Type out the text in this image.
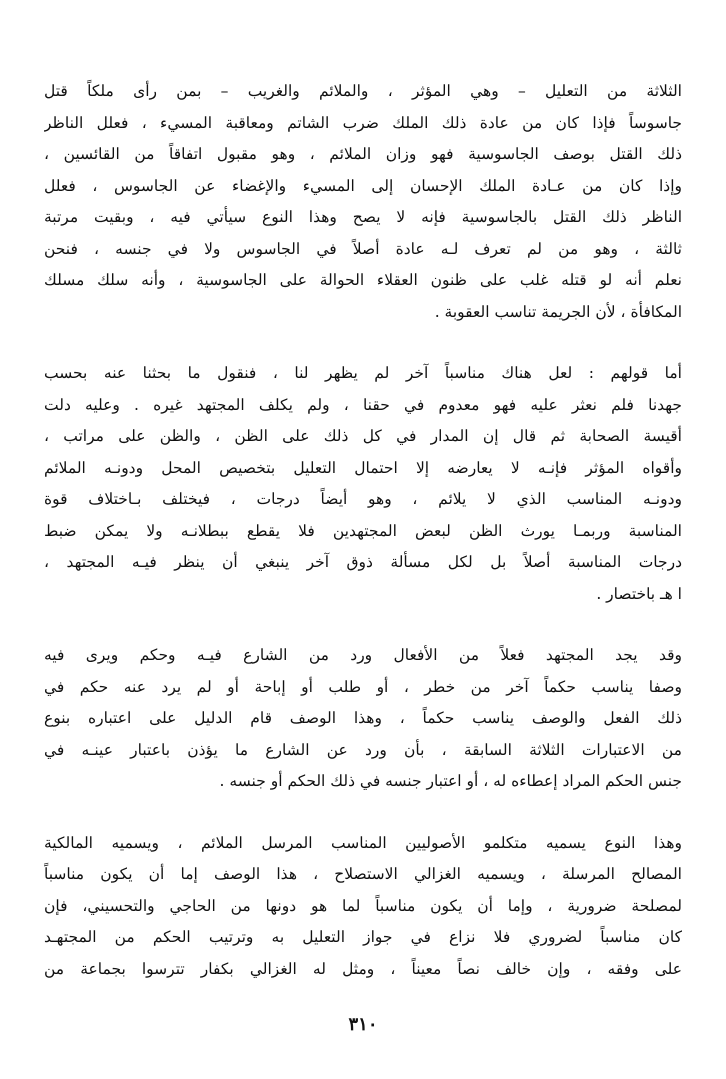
الثلاثة من التعليل – وهي المؤثر ، والملائم والغريب – بمن رأى ملكاً قتل
جاسوساً فإذا كان من عادة ذلك الملك ضرب الشاتم ومعاقبة المسيء ، فعلل الناظر
ذلك القتل بوصف الجاسوسية فهو وزان الملائم ، وهو مقبول اتفاقاً من القائسين ،
وإذا كان من عـادة الملك الإحسان إلى المسيء والإغضاء عن الجاسوس ، فعلل
الناظر ذلك القتل بالجاسوسية فإنه لا يصح وهذا النوع سيأتي فيه ، وبقيت مرتبة
ثالثة ، وهو من لم تعرف لـه عادة أصلاً في الجاسوس ولا في جنسه ، فنحن
نعلم أنه لو قتله غلب على ظنون العقلاء الحوالة على الجاسوسية ، وأنه سلك مسلك
المكافأة ، لأن الجريمة تناسب العقوبة .
أما قولهم : لعل هناك مناسباً آخر لم يظهر لنا ، فنقول ما بحثنا عنه بحسب
جهدنا فلم نعثر عليه فهو معدوم في حقنا ، ولم يكلف المجتهد غيره . وعليه دلت
أقيسة الصحابة ثم قال إن المدار في كل ذلك على الظن ، والظن على مراتب ،
وأقواه المؤثر فإنـه لا يعارضه إلا احتمال التعليل بتخصيص المحل ودونـه الملائم
ودونـه المناسب الذي لا يلائم ، وهو أيضاً درجات ، فيختلف بـاختلاف قوة
المناسبة وربمـا يورث الظن لبعض المجتهدين فلا يقطع ببطلانـه ولا يمكن ضبط
درجات المناسبة أصلاً بل لكل مسألة ذوق آخر ينبغي أن ينظر فيـه المجتهد ،
ا هـ باختصار .
وقد يجد المجتهد فعلاً من الأفعال ورد من الشارع فيـه وحكم ويرى فيه
وصفا يناسب حكماً آخر من خطر ، أو طلب أو إباحة أو لم يرد عنه حكم في
ذلك الفعل والوصف يناسب حكماً ، وهذا الوصف قام الدليل على اعتباره بنوع
من الاعتبارات الثلاثة السابقة ، بأن ورد عن الشارع ما يؤذن باعتبار عينـه في
جنس الحكم المراد إعطاءه له ، أو اعتبار جنسه في ذلك الحكم أو جنسه .
وهذا النوع يسميه متكلمو الأصوليين المناسب المرسل الملائم ، ويسميه المالكية
المصالح المرسلة ، ويسميه الغزالي الاستصلاح ، هذا الوصف إما أن يكون مناسباً
لمصلحة ضرورية ، وإما أن يكون مناسباً لما هو دونها من الحاجي والتحسيني، فإن
كان مناسباً لضروري فلا نزاع في جواز التعليل به وترتيب الحكم من المجتهـد
على وفقه ، وإن خالف نصاً معيناً ، ومثل له الغزالي بكفار تترسوا بجماعة من
٣١٠
